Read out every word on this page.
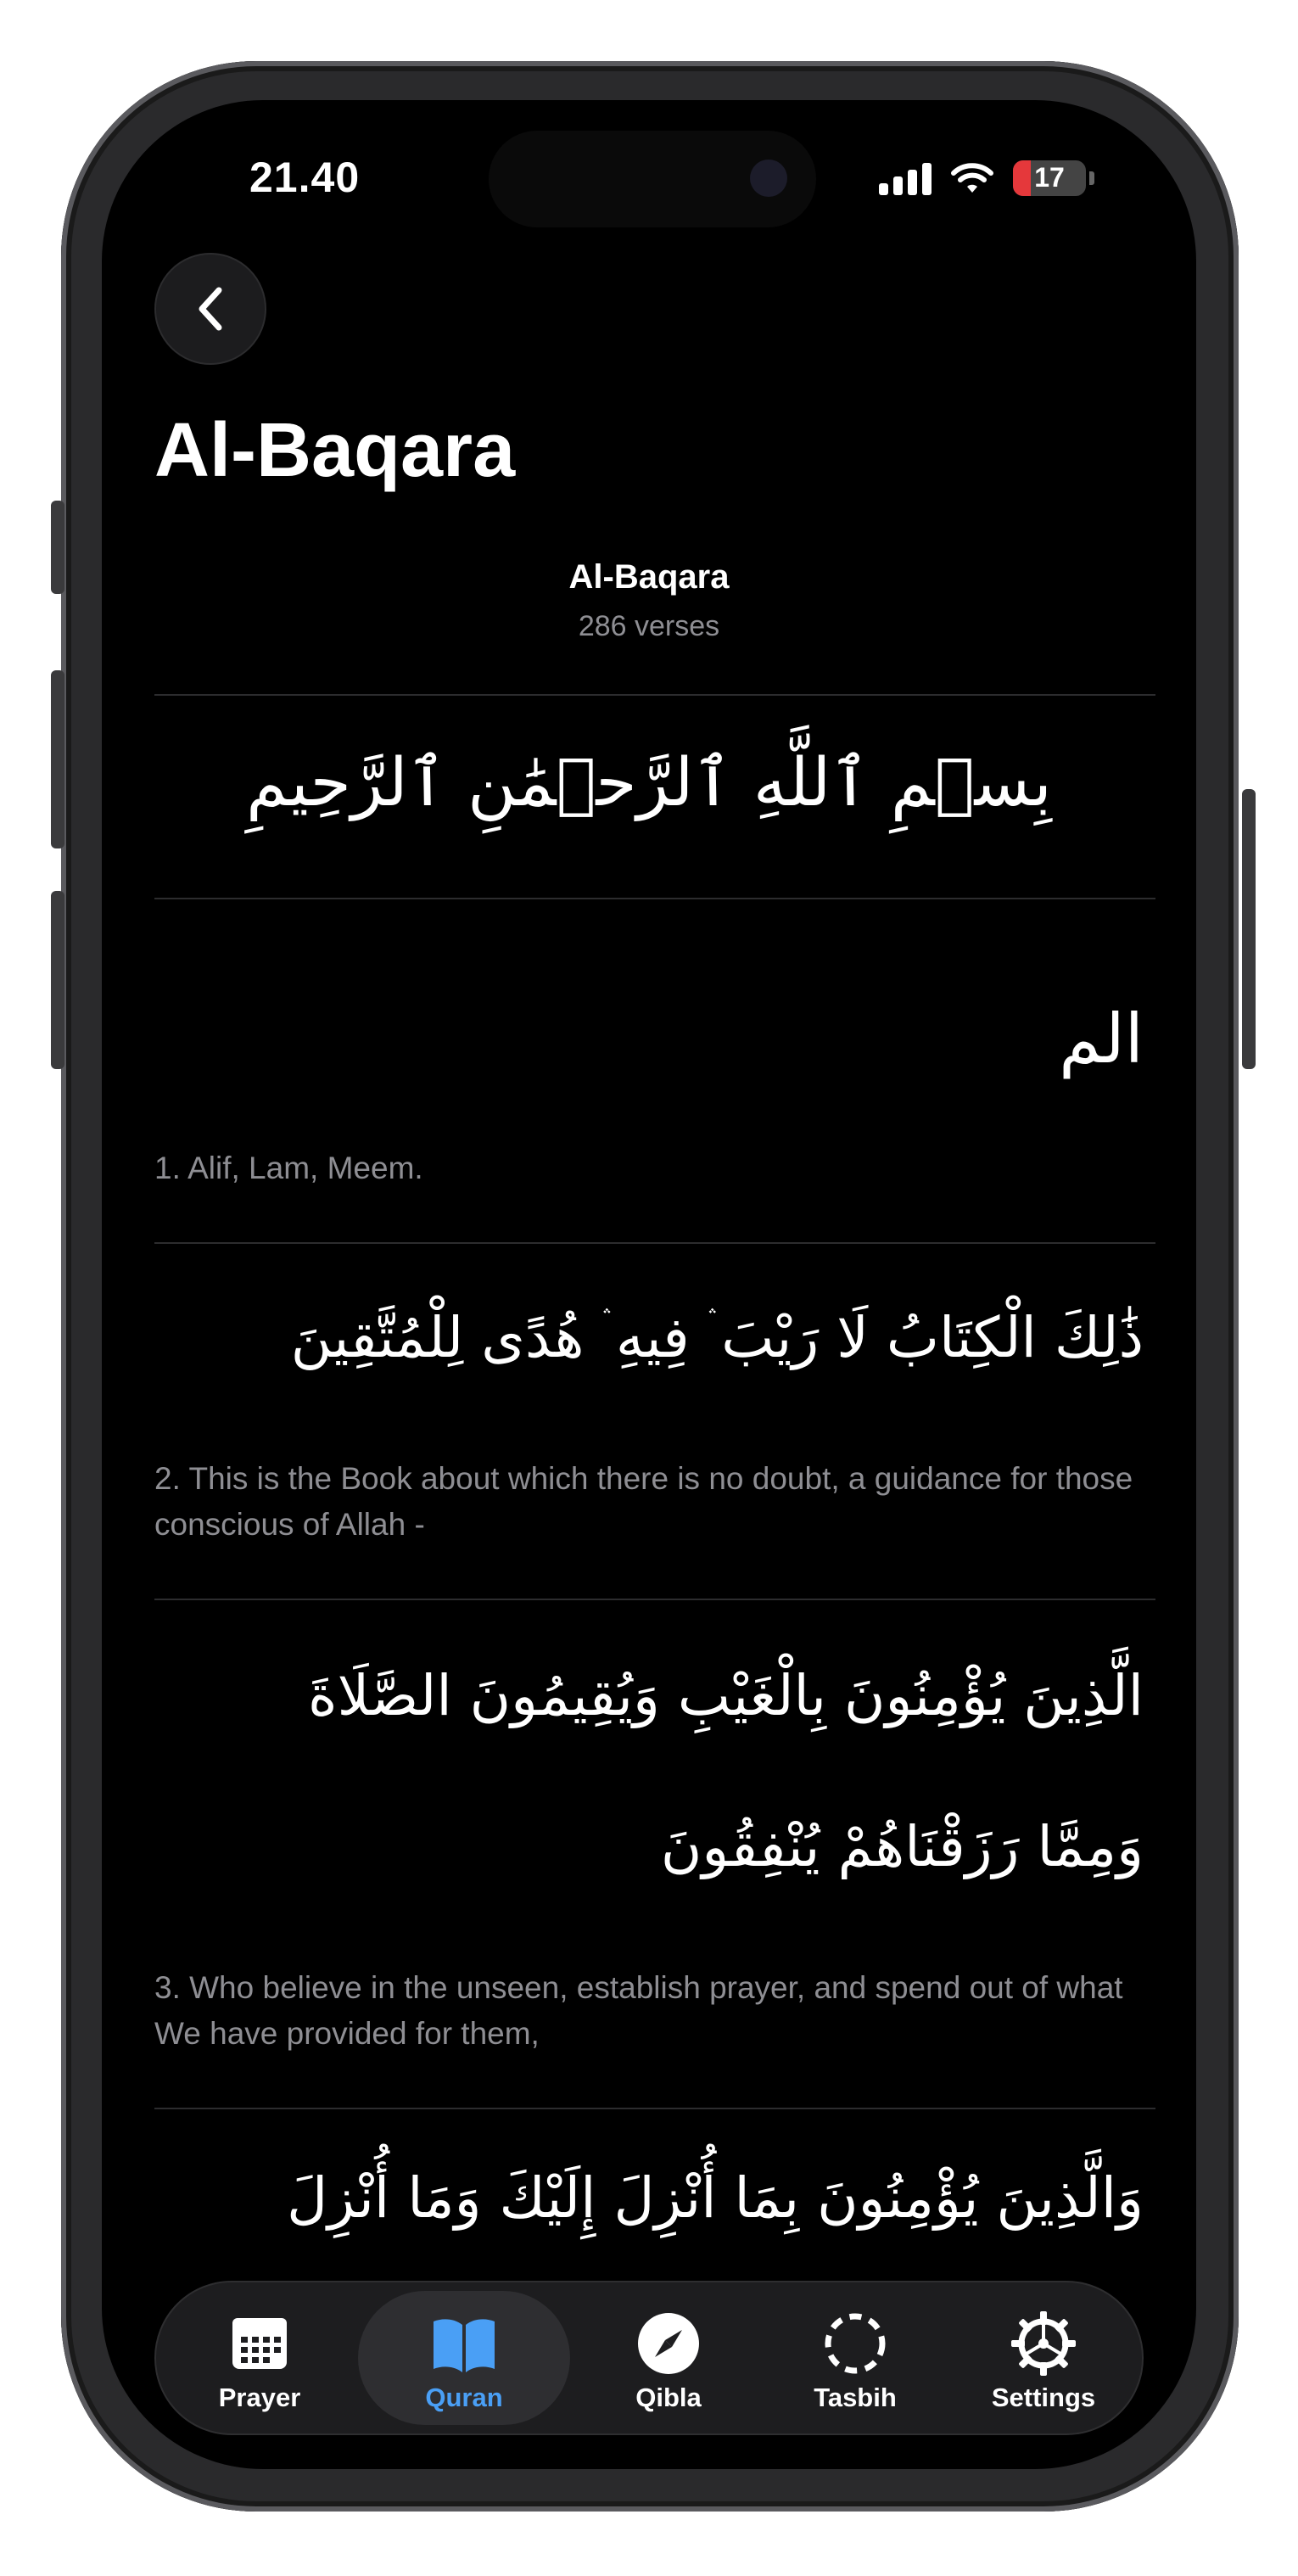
21.40	17
Al-Baqara
Al-Baqara
286 verses
بِسۡمِ ٱللَّهِ ٱلرَّحۡمَٰنِ ٱلرَّحِيمِ
الم
1. Alif, Lam, Meem.
ذَٰلِكَ الْكِتَابُ لَا رَيْبَ ۛ فِيهِ ۛ هُدًى لِلْمُتَّقِينَ
2. This is the Book about which there is no doubt, a guidance for those conscious of Allah -
الَّذِينَ يُؤْمِنُونَ بِالْغَيْبِ وَيُقِيمُونَ الصَّلَاةَ
وَمِمَّا رَزَقْنَاهُمْ يُنْفِقُونَ
3. Who believe in the unseen, establish prayer, and spend out of what We have provided for them,
وَالَّذِينَ يُؤْمِنُونَ بِمَا أُنْزِلَ إِلَيْكَ وَمَا أُنْزِلَ
Prayer	Quran	Qibla	Tasbih	Settings
